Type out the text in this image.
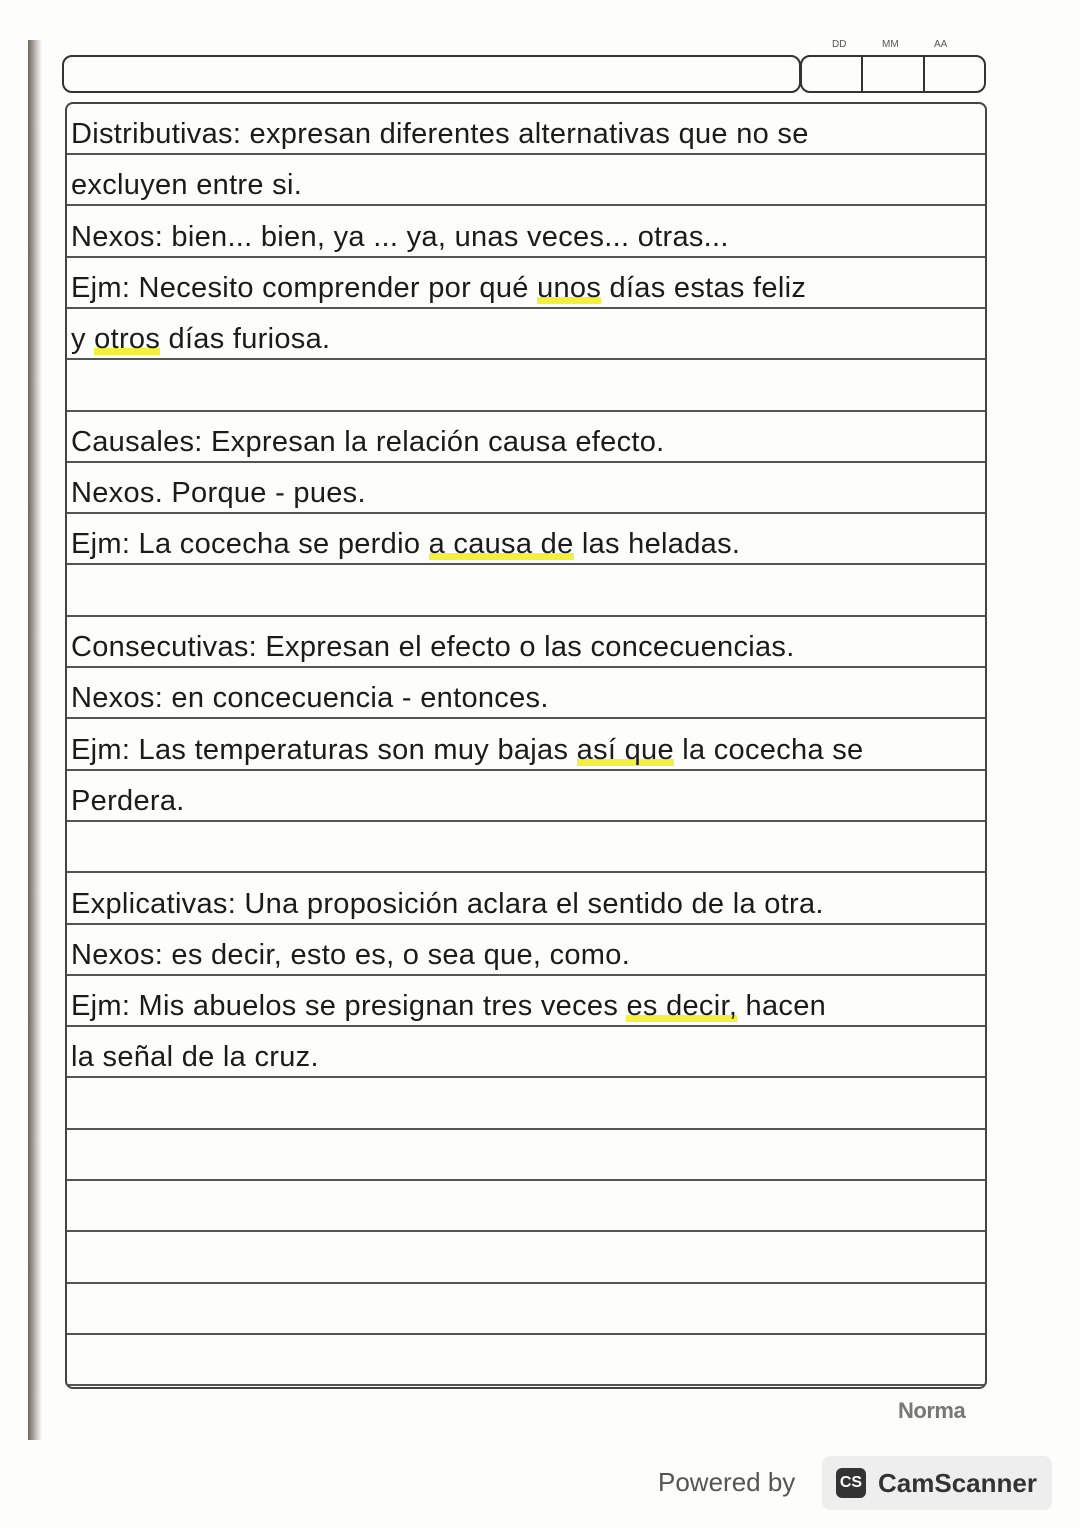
DD	MM	AA
Distributivas: expresan diferentes alternativas que no se
excluyen entre si.
Nexos: bien... bien, ya ... ya, unas veces... otras...
Ejm: Necesito comprender por qué unos días estas feliz
y otros días furiosa.
Causales: Expresan la relación causa efecto.
Nexos. Porque - pues.
Ejm: La cocecha se perdio a causa de las heladas.
Consecutivas: Expresan el efecto o las concecuencias.
Nexos: en concecuencia - entonces.
Ejm: Las temperaturas son muy bajas así que la cocecha se
Perdera.
Explicativas: Una proposición aclara el sentido de la otra.
Nexos: es decir, esto es, o sea que, como.
Ejm: Mis abuelos se presignan tres veces es decir, hacen
la señal de la cruz.
Norma
Powered by	CS CamScanner
